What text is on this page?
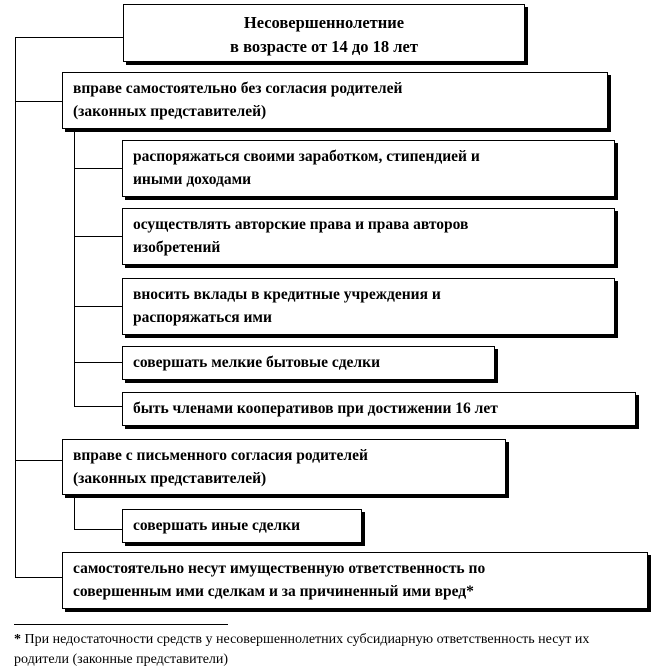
Несовершеннолетние
в возрасте от 14 до 18 лет
вправе самостоятельно без согласия родителей
(законных представителей)
распоряжаться своими заработком, стипендией и
иными доходами
осуществлять авторские права и права авторов
изобретений
вносить вклады в кредитные учреждения и
распоряжаться ими
совершать мелкие бытовые сделки
быть членами кооперативов при достижении 16 лет
вправе с письменного согласия родителей
(законных представителей)
совершать иные сделки
самостоятельно несут имущественную ответственность по
совершенным ими сделкам и за причиненный ими вред*
* При недостаточности средств у несовершеннолетних субсидиарную ответственность несут их родители (законные представители)
